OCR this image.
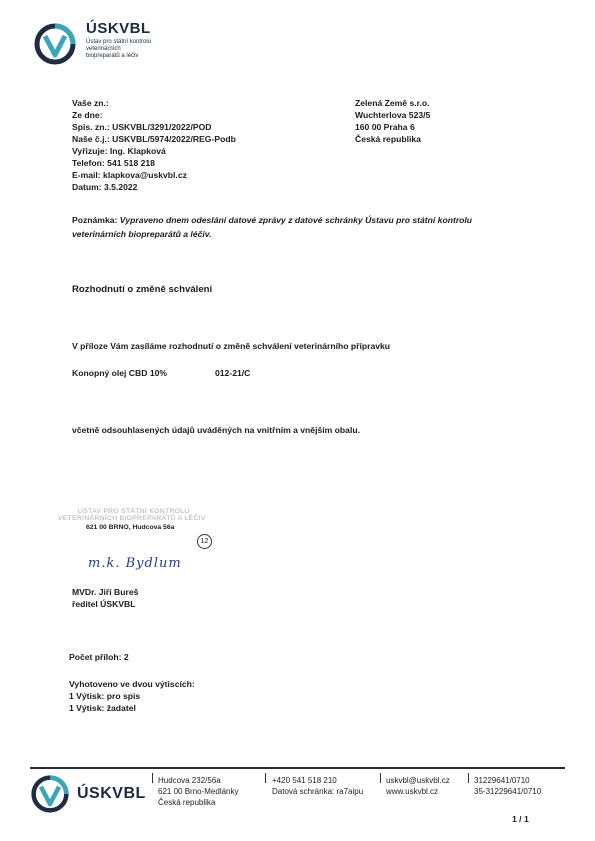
ÚSKVBL
Ústav pro státní kontrolu
veterinárních
biopreparátů a léčiv
Vaše zn.:
Ze dne:
Spis. zn.: USKVBL/3291/2022/POD
Naše č.j.: USKVBL/5974/2022/REG-Podb
Vyřizuje: Ing. Klapková
Telefon: 541 518 218
E-mail: klapkova@uskvbl.cz
Datum: 3.5.2022
Zelená Země s.r.o.
Wuchterlova 523/5
160 00 Praha 6
Česká republika
Poznámka: Vypraveno dnem odeslání datové zprávy z datové schránky Ústavu pro státní kontrolu
veterinárních biopreparátů a léčiv.
Rozhodnutí o změně schválení
V příloze Vám zasíláme rozhodnutí o změně schválení veterinárního přípravku
Konopný olej CBD 10%	012-21/C
včetně odsouhlasených údajů uváděných na vnitřním a vnějším obalu.
ÚSTAV PRO STÁTNÍ KONTROLU
VETERINÁRNÍCH BIOPREPARÁTŮ A LÉČIV
621 00 BRNO, Hudcova 56a
12
m.k. Bydlum
MVDr. Jiří Bureš
ředitel ÚSKVBL
Počet příloh: 2
Vyhotoveno ve dvou výtiscích:
1 Výtisk: pro spis
1 Výtisk: žadatel
ÚSKVBL
Hudcova 232/56a
621 00 Brno-Medlánky
Česká republika
+420 541 518 210
Datová schránka: ra7aipu
uskvbl@uskvbl.cz
www.uskvbl.cz
31229641/0710
35-31229641/0710
1 / 1
